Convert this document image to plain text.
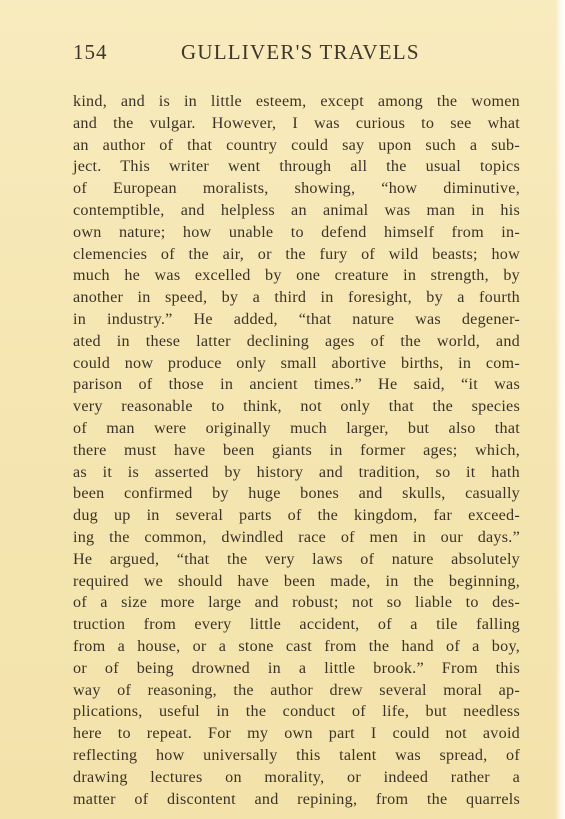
154	GULLIVER'S TRAVELS
kind, and is in little esteem, except among the women
and the vulgar. However, I was curious to see what
an author of that country could say upon such a sub-
ject. This writer went through all the usual topics
of European moralists, showing, “how diminutive,
contemptible, and helpless an animal was man in his
own nature; how unable to defend himself from in-
clemencies of the air, or the fury of wild beasts; how
much he was excelled by one creature in strength, by
another in speed, by a third in foresight, by a fourth
in industry.” He added, “that nature was degener-
ated in these latter declining ages of the world, and
could now produce only small abortive births, in com-
parison of those in ancient times.” He said, “it was
very reasonable to think, not only that the species
of man were originally much larger, but also that
there must have been giants in former ages; which,
as it is asserted by history and tradition, so it hath
been confirmed by huge bones and skulls, casually
dug up in several parts of the kingdom, far exceed-
ing the common, dwindled race of men in our days.”
He argued, “that the very laws of nature absolutely
required we should have been made, in the beginning,
of a size more large and robust; not so liable to des-
truction from every little accident, of a tile falling
from a house, or a stone cast from the hand of a boy,
or of being drowned in a little brook.” From this
way of reasoning, the author drew several moral ap-
plications, useful in the conduct of life, but needless
here to repeat. For my own part I could not avoid
reflecting how universally this talent was spread, of
drawing lectures on morality, or indeed rather a
matter of discontent and repining, from the quarrels
